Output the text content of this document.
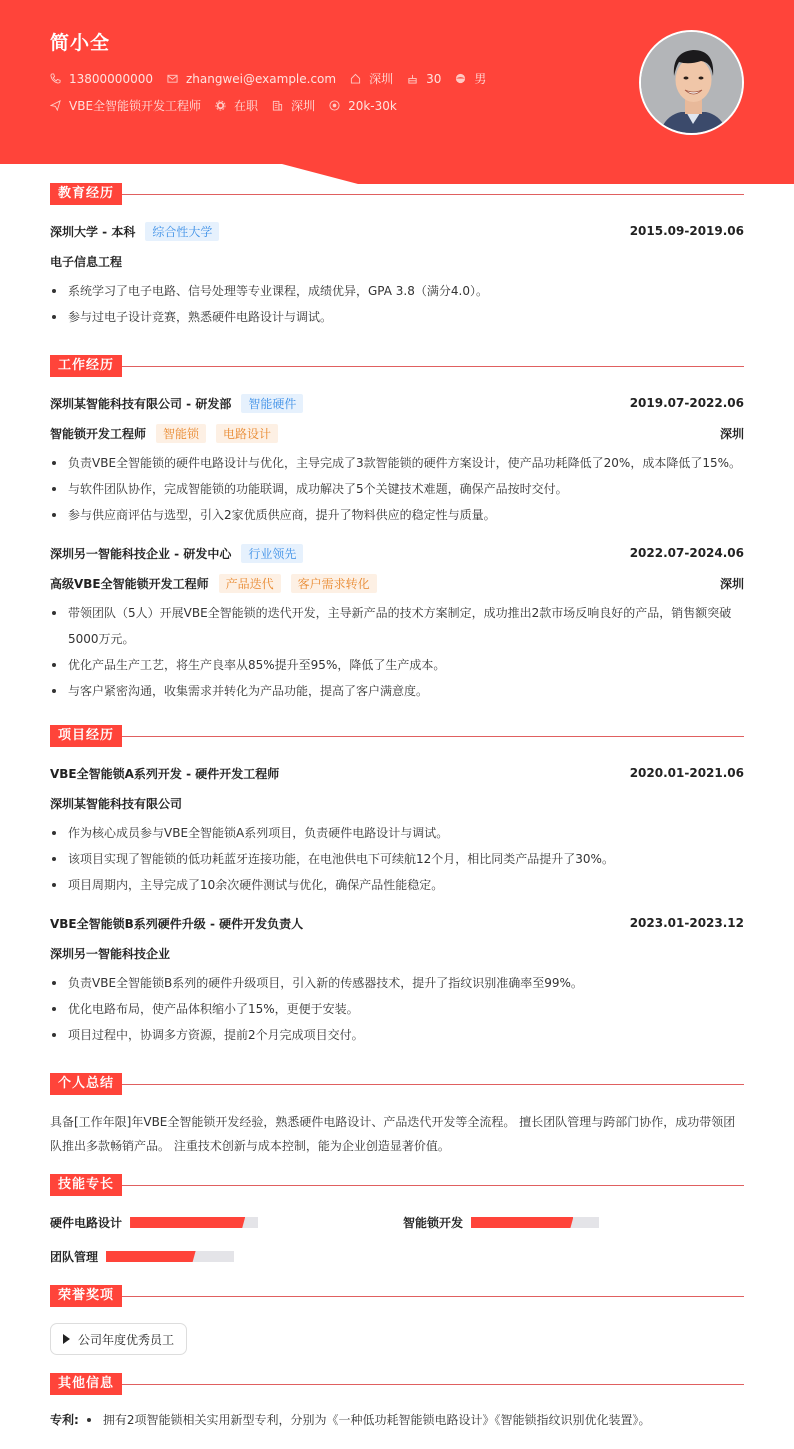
简小全
13800000000	zhangwei@example.com	深圳	30	男
VBE全智能锁开发工程师	在职	深圳	20k-30k
教育经历
深圳大学 - 本科	综合性大学	2015.09-2019.06
电子信息工程
系统学习了电子电路、信号处理等专业课程，成绩优异，GPA 3.8（满分4.0）。
参与过电子设计竞赛，熟悉硬件电路设计与调试。
工作经历
深圳某智能科技有限公司 - 研发部	智能硬件	2019.07-2022.06
智能锁开发工程师	智能锁	电路设计	深圳
负责VBE全智能锁的硬件电路设计与优化，主导完成了3款智能锁的硬件方案设计，使产品功耗降低了20%，成本降低了15%。
与软件团队协作，完成智能锁的功能联调，成功解决了5个关键技术难题，确保产品按时交付。
参与供应商评估与选型，引入2家优质供应商，提升了物料供应的稳定性与质量。
深圳另一智能科技企业 - 研发中心	行业领先	2022.07-2024.06
高级VBE全智能锁开发工程师	产品迭代	客户需求转化	深圳
带领团队（5人）开展VBE全智能锁的迭代开发，主导新产品的技术方案制定，成功推出2款市场反响良好的产品，销售额突破5000万元。
优化产品生产工艺，将生产良率从85%提升至95%，降低了生产成本。
与客户紧密沟通，收集需求并转化为产品功能，提高了客户满意度。
项目经历
VBE全智能锁A系列开发 - 硬件开发工程师	2020.01-2021.06
深圳某智能科技有限公司
作为核心成员参与VBE全智能锁A系列项目，负责硬件电路设计与调试。
该项目实现了智能锁的低功耗蓝牙连接功能，在电池供电下可续航12个月，相比同类产品提升了30%。
项目周期内，主导完成了10余次硬件测试与优化，确保产品性能稳定。
VBE全智能锁B系列硬件升级 - 硬件开发负责人	2023.01-2023.12
深圳另一智能科技企业
负责VBE全智能锁B系列的硬件升级项目，引入新的传感器技术，提升了指纹识别准确率至99%。
优化电路布局，使产品体积缩小了15%，更便于安装。
项目过程中，协调多方资源，提前2个月完成项目交付。
个人总结
具备[工作年限]年VBE全智能锁开发经验，熟悉硬件电路设计、产品迭代开发等全流程。 擅长团队管理与跨部门协作，成功带领团队推出多款畅销产品。 注重技术创新与成本控制，能为企业创造显著价值。
技能专长
硬件电路设计	智能锁开发
团队管理
荣誉奖项
公司年度优秀员工
其他信息
专利: 拥有2项智能锁相关实用新型专利，分别为《一种低功耗智能锁电路设计》《智能锁指纹识别优化装置》。
